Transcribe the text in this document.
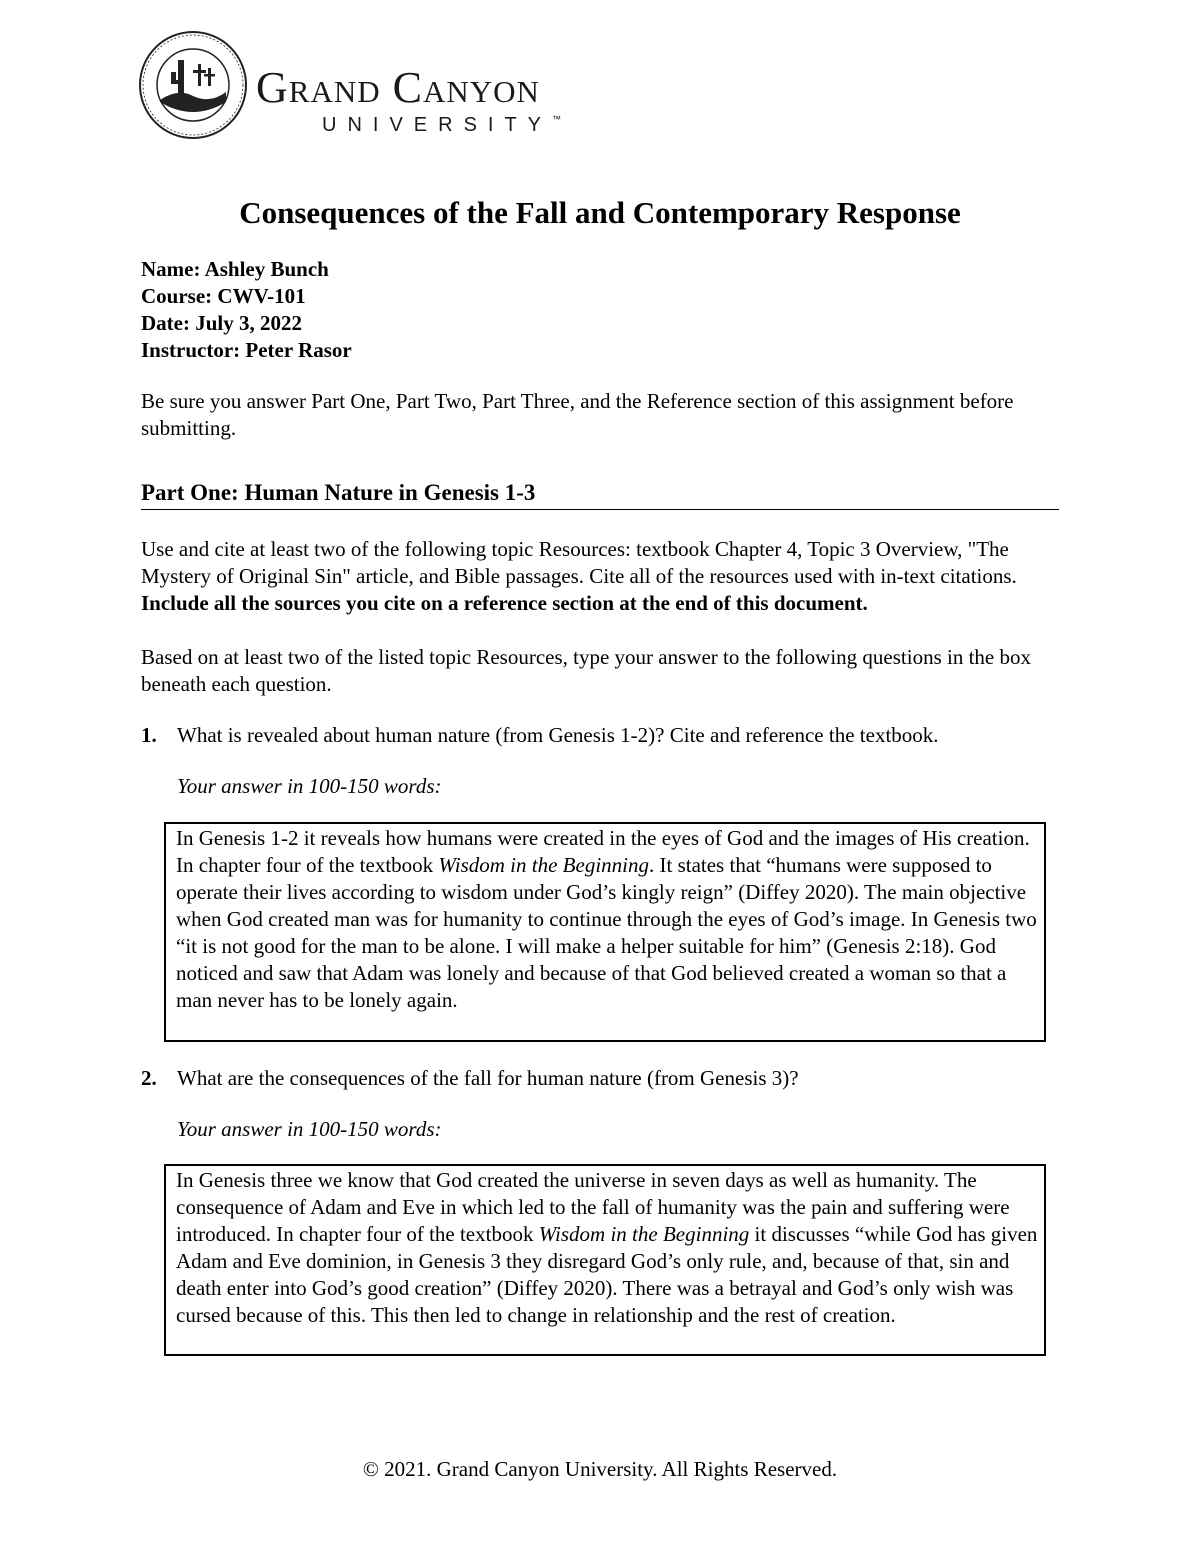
Grand Canyon
UNIVERSITY™
Consequences of the Fall and Contemporary Response
Name: Ashley Bunch
Course: CWV-101
Date: July 3, 2022
Instructor: Peter Rasor
Be sure you answer Part One, Part Two, Part Three, and the Reference section of this assignment before submitting.
Part One: Human Nature in Genesis 1-3
Use and cite at least two of the following topic Resources: textbook Chapter 4, Topic 3 Overview, "The Mystery of Original Sin" article, and Bible passages. Cite all of the resources used with in-text citations. Include all the sources you cite on a reference section at the end of this document.
Based on at least two of the listed topic Resources, type your answer to the following questions in the box beneath each question.
1. What is revealed about human nature (from Genesis 1-2)? Cite and reference the textbook.
Your answer in 100-150 words:
In Genesis 1-2 it reveals how humans were created in the eyes of God and the images of His creation. In chapter four of the textbook Wisdom in the Beginning. It states that “humans were supposed to operate their lives according to wisdom under God’s kingly reign” (Diffey 2020). The main objective when God created man was for humanity to continue through the eyes of God’s image. In Genesis two “it is not good for the man to be alone. I will make a helper suitable for him” (Genesis 2:18). God noticed and saw that Adam was lonely and because of that God believed created a woman so that a man never has to be lonely again.
2. What are the consequences of the fall for human nature (from Genesis 3)?
Your answer in 100-150 words:
In Genesis three we know that God created the universe in seven days as well as humanity. The consequence of Adam and Eve in which led to the fall of humanity was the pain and suffering were introduced. In chapter four of the textbook Wisdom in the Beginning it discusses “while God has given Adam and Eve dominion, in Genesis 3 they disregard God’s only rule, and, because of that, sin and death enter into God’s good creation” (Diffey 2020). There was a betrayal and God’s only wish was cursed because of this. This then led to change in relationship and the rest of creation.
© 2021. Grand Canyon University. All Rights Reserved.
